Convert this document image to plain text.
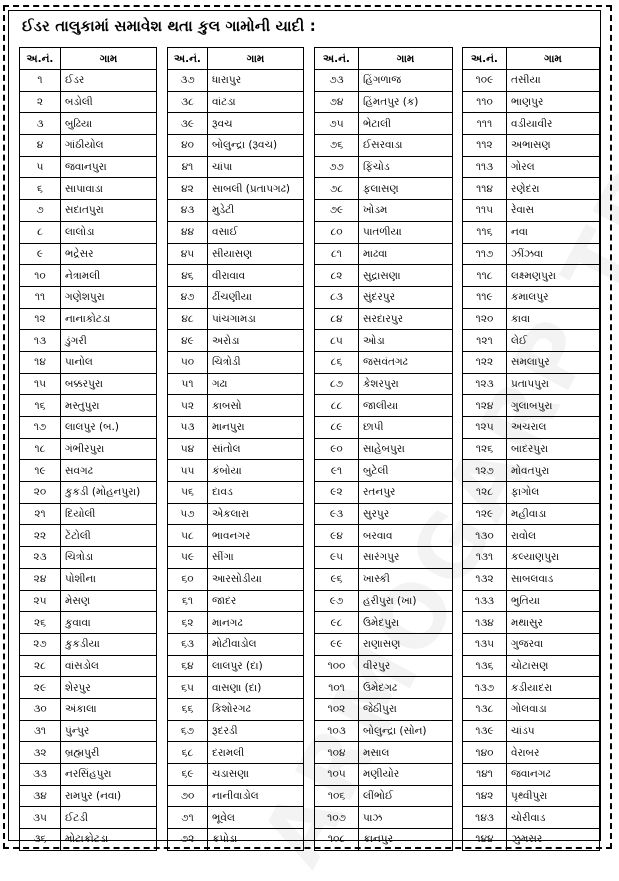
ઈડર તાલુકામાં સમાવેશ થતા કુલ ગામોની યાદી :
અ.નં.	ગામ
૧	ઈડર
૨	બડોલી
૩	બુઢિયા
૪	ગાંઠીયોલ
૫	જવાનપુરા
૬	સાપાવાડા
૭	સદાતપુરા
૮	લાલોડા
૯	ભદ્રેસર
૧૦	નેત્રામલી
૧૧	ગણેશપુરા
૧૨	નાનાકોટડા
૧૩	ડુંગરી
૧૪	પાનોલ
૧૫	બક્કરપુરા
૧૬	મસ્તુપુરા
૧૭	લાલપુર (બ.)
૧૮	ગંભીરપુરા
૧૯	સવગઢ
૨૦	કુકડી (મોહનપુરા)
૨૧	દિયોલી
૨૨	ટેંટોલી
૨૩	ચિત્રોડા
૨૪	પોશીના
૨૫	મેસણ
૨૬	કુવાવા
૨૭	કુકડીયા
૨૮	વાંસડોલ
૨૯	શેરપુર
૩૦	અંકાલા
૩૧	પુંન્પુર
૩૨	બ્રહ્મપુરી
૩૩	નરસિંહપુરા
૩૪	રામપુર (નવા)
૩૫	ઈટડી
૩૬	મોટાકોટડા
અ.નં.	ગામ
૩૭	ધારાપુર
૩૮	વાંટડા
૩૯	રૂવચ
૪૦	બોલુન્દ્રા (રૂવચ)
૪૧	ચાંપા
૪૨	સાબલી (પ્રતાપગઢ)
૪૩	મુડેટી
૪૪	વસાઈ
૪૫	સીયાસણ
૪૬	વીરાવાવ
૪૭	ઢીંચણીયા
૪૮	પાંચગામડા
૪૯	અરોડા
૫૦	ચિત્રોડી
૫૧	ગઢા
૫૨	કાબસો
૫૩	માનપુરા
૫૪	સાંતોલ
૫૫	કંબોયા
૫૬	દાવડ
૫૭	એકલારા
૫૮	ભાવનગર
૫૯	સીંગા
૬૦	આરસોડીયા
૬૧	જાદર
૬૨	માનગઢ
૬૩	મોટીવાડોલ
૬૪	લાલપુર (દા)
૬૫	વાસણા (દા)
૬૬	કિશોરગઢ
૬૭	રૂદરડી
૬૮	દરામલી
૬૯	ચડાસણા
૭૦	નાનીવાડોલ
૭૧	ભૂવેલ
૭૨	કપોડા
અ.નં.	ગામ
૭૩	હિંગળાજ
૭૪	હિંમતપુર (ક)
૭૫	ભેટાલી
૭૬	ઈસરવાડા
૭૭	ફિંચોડ
૭૮	ફલાસણ
૭૯	ખોડમ
૮૦	પાતળીયા
૮૧	માઢવા
૮૨	સુદ્રાસણા
૮૩	સુંદરપુર
૮૪	સરદારપુર
૮૫	ઓડા
૮૬	જસવંતગઢ
૮૭	કેશરપુરા
૮૮	જાલીયા
૮૯	છાપી
૯૦	સાહેબપુરા
૯૧	બુટેલી
૯૨	રતનપુર
૯૩	સુરપુર
૯૪	બરવાવ
૯૫	સારંગપુર
૯૬	ખાસ્કી
૯૭	હરીપુરા (ખા)
૯૮	ઉમેદપુરા
૯૯	રાણાસણ
૧૦૦	વીરપુર
૧૦૧	ઉમેદગઢ
૧૦૨	જેઠીપુરા
૧૦૩	બોલુન્દ્રા (સોન)
૧૦૪	મસાલ
૧૦૫	મણીયોર
૧૦૬	લીંભોઈ
૧૦૭	પાઝ
૧૦૮	કાનપુર
અ.નં.	ગામ
૧૦૯	તસીયા
૧૧૦	ભાણપુર
૧૧૧	વડીયાવીર
૧૧૨	અભાસણ
૧૧૩	ગોરલ
૧૧૪	રણેદરા
૧૧૫	રેવાસ
૧૧૬	નવા
૧૧૭	ઝીંઝવા
૧૧૮	લક્ષ્મણપુરા
૧૧૯	કમાલપુર
૧૨૦	કાવા
૧૨૧	લેઈ
૧૨૨	સમલાપુર
૧૨૩	પ્રતાપપુરા
૧૨૪	ગુલાબપુરા
૧૨૫	અચરાલ
૧૨૬	બાદરપુરા
૧૨૭	મોવતપુરા
૧૨૮	ફાગોલ
૧૨૯	મહીવાડા
૧૩૦	રાવોલ
૧૩૧	કલ્યાણપુરા
૧૩૨	સાબલવાડ
૧૩૩	ભુતિયા
૧૩૪	મથાસુર
૧૩૫	ગુજરવા
૧૩૬	ચોટાસણ
૧૩૭	કડીયાદરા
૧૩૮	ગોલવાડા
૧૩૯	ચાંડપ
૧૪૦	વેરાબર
૧૪૧	જવાનગઢ
૧૪૨	પૃથ્વીપુરા
૧૪૩	ચોરીવાડ
૧૪૪	ઝુમસર
